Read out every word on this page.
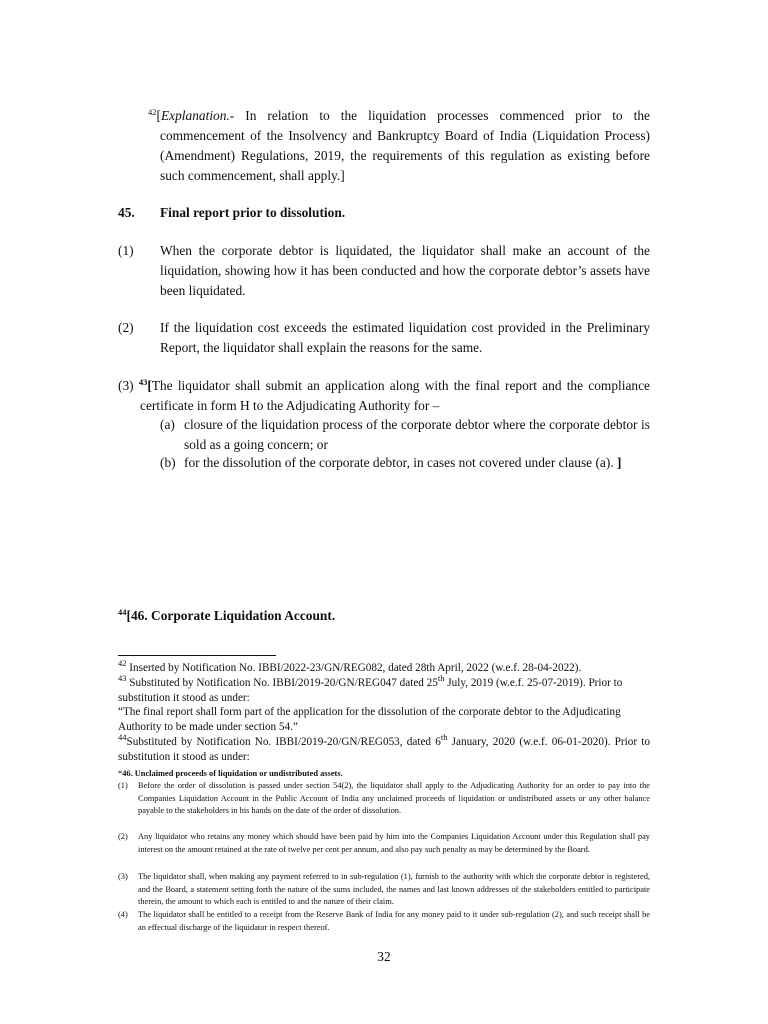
$^{42}$[Explanation.- In relation to the liquidation processes commenced prior to the commencement of the Insolvency and Bankruptcy Board of India (Liquidation Process) (Amendment) Regulations, 2019, the requirements of this regulation as existing before such commencement, shall apply.]
45. Final report prior to dissolution.
(1) When the corporate debtor is liquidated, the liquidator shall make an account of the liquidation, showing how it has been conducted and how the corporate debtor’s assets have been liquidated.
(2) If the liquidation cost exceeds the estimated liquidation cost provided in the Preliminary Report, the liquidator shall explain the reasons for the same.
(3) $^{43}$[The liquidator shall submit an application along with the final report and the compliance certificate in form H to the Adjudicating Authority for –
(a) closure of the liquidation process of the corporate debtor where the corporate debtor is sold as a going concern; or
(b) for the dissolution of the corporate debtor, in cases not covered under clause (a). ]
$^{44}$[46. Corporate Liquidation Account.
$^{42}$ Inserted by Notification No. IBBI/2022-23/GN/REG082, dated 28th April, 2022 (w.e.f. 28-04-2022).
$^{43}$ Substituted by Notification No. IBBI/2019-20/GN/REG047 dated 25th July, 2019 (w.e.f. 25-07-2019). Prior to substitution it stood as under:
“The final report shall form part of the application for the dissolution of the corporate debtor to the Adjudicating Authority to be made under section 54.”
$^{44}$Substituted by Notification No. IBBI/2019-20/GN/REG053, dated 6th January, 2020 (w.e.f. 06-01-2020). Prior to substitution it stood as under:
“46. Unclaimed proceeds of liquidation or undistributed assets.
(1) Before the order of dissolution is passed under section 54(2), the liquidator shall apply to the Adjudicating Authority for an order to pay into the Companies Liquidation Account in the Public Account of India any unclaimed proceeds of liquidation or undistributed assets or any other balance payable to the stakeholders in his hands on the date of the order of dissolution.
(2) Any liquidator who retains any money which should have been paid by him into the Companies Liquidation Account under this Regulation shall pay interest on the amount retained at the rate of twelve per cent per annum, and also pay such penalty as may be determined by the Board.
(3) The liquidator shall, when making any payment referred to in sub-regulation (1), furnish to the authority with which the corporate debtor is registered, and the Board, a statement setting forth the nature of the sums included, the names and last known addresses of the stakeholders entitled to participate therein, the amount to which each is entitled to and the nature of their claim.
(4) The liquidator shall be entitled to a receipt from the Reserve Bank of India for any money paid to it under sub-regulation (2), and such receipt shall be an effectual discharge of the liquidator in respect thereof.
32
